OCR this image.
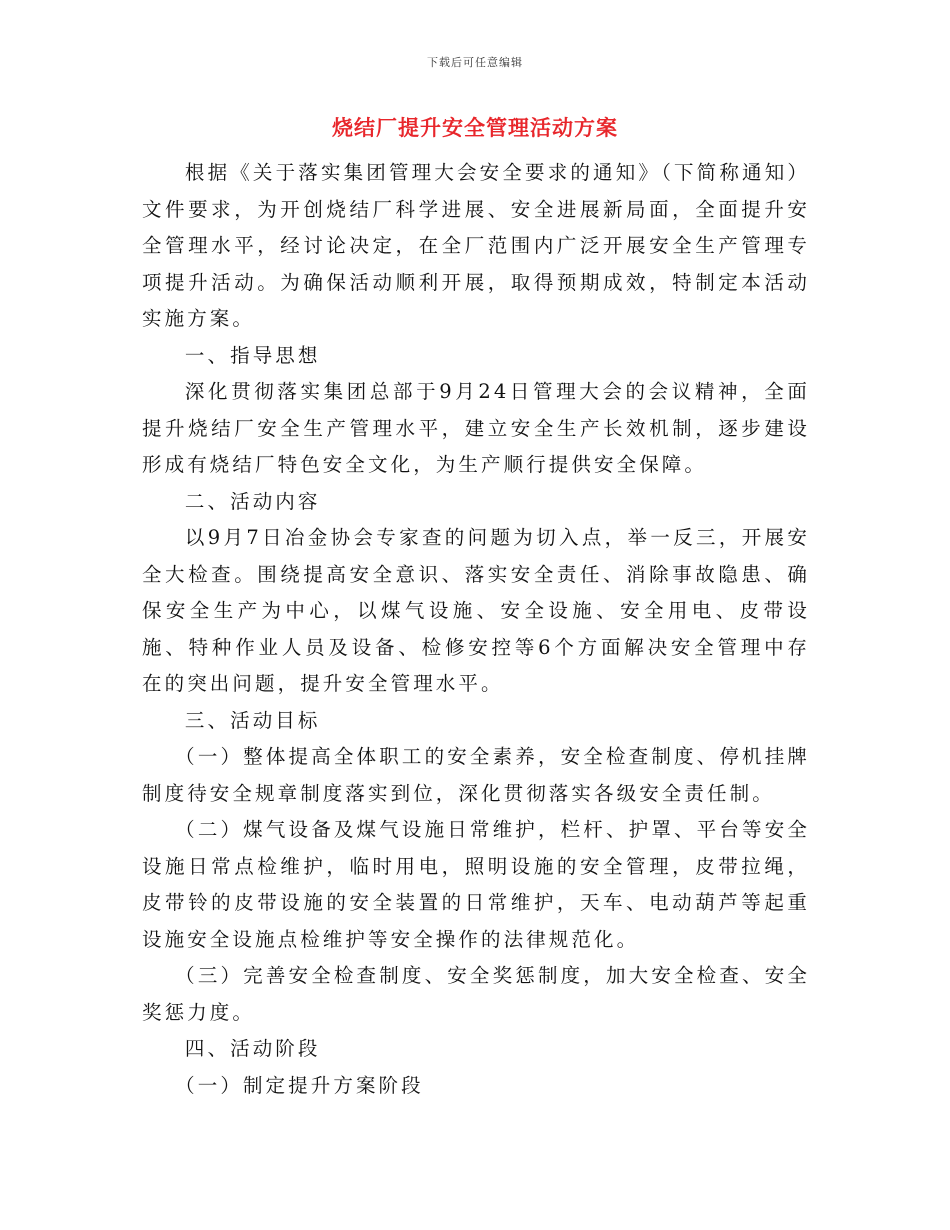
下载后可任意编辑
烧结厂提升安全管理活动方案

根据《关于落实集团管理大会安全要求的通知》（下简称通知）文件要求，为开创烧结厂科学进展、安全进展新局面，全面提升安全管理水平，经讨论决定，在全厂范围内广泛开展安全生产管理专项提升活动。为确保活动顺利开展，取得预期成效，特制定本活动实施方案。

一、指导思想

深化贯彻落实集团总部于9月24日管理大会的会议精神，全面提升烧结厂安全生产管理水平，建立安全生产长效机制，逐步建设形成有烧结厂特色安全文化，为生产顺行提供安全保障。

二、活动内容

以9月7日冶金协会专家查的问题为切入点，举一反三，开展安全大检查。围绕提高安全意识、落实安全责任、消除事故隐患、确保安全生产为中心，以煤气设施、安全设施、安全用电、皮带设施、特种作业人员及设备、检修安控等6个方面解决安全管理中存在的突出问题，提升安全管理水平。

三、活动目标

（一）整体提高全体职工的安全素养，安全检查制度、停机挂牌制度待安全规章制度落实到位，深化贯彻落实各级安全责任制。

（二）煤气设备及煤气设施日常维护，栏杆、护罩、平台等安全设施日常点检维护，临时用电，照明设施的安全管理，皮带拉绳，皮带铃的皮带设施的安全装置的日常维护，天车、电动葫芦等起重设施安全设施点检维护等安全操作的法律规范化。

（三）完善安全检查制度、安全奖惩制度，加大安全检查、安全奖惩力度。

四、活动阶段

（一）制定提升方案阶段
